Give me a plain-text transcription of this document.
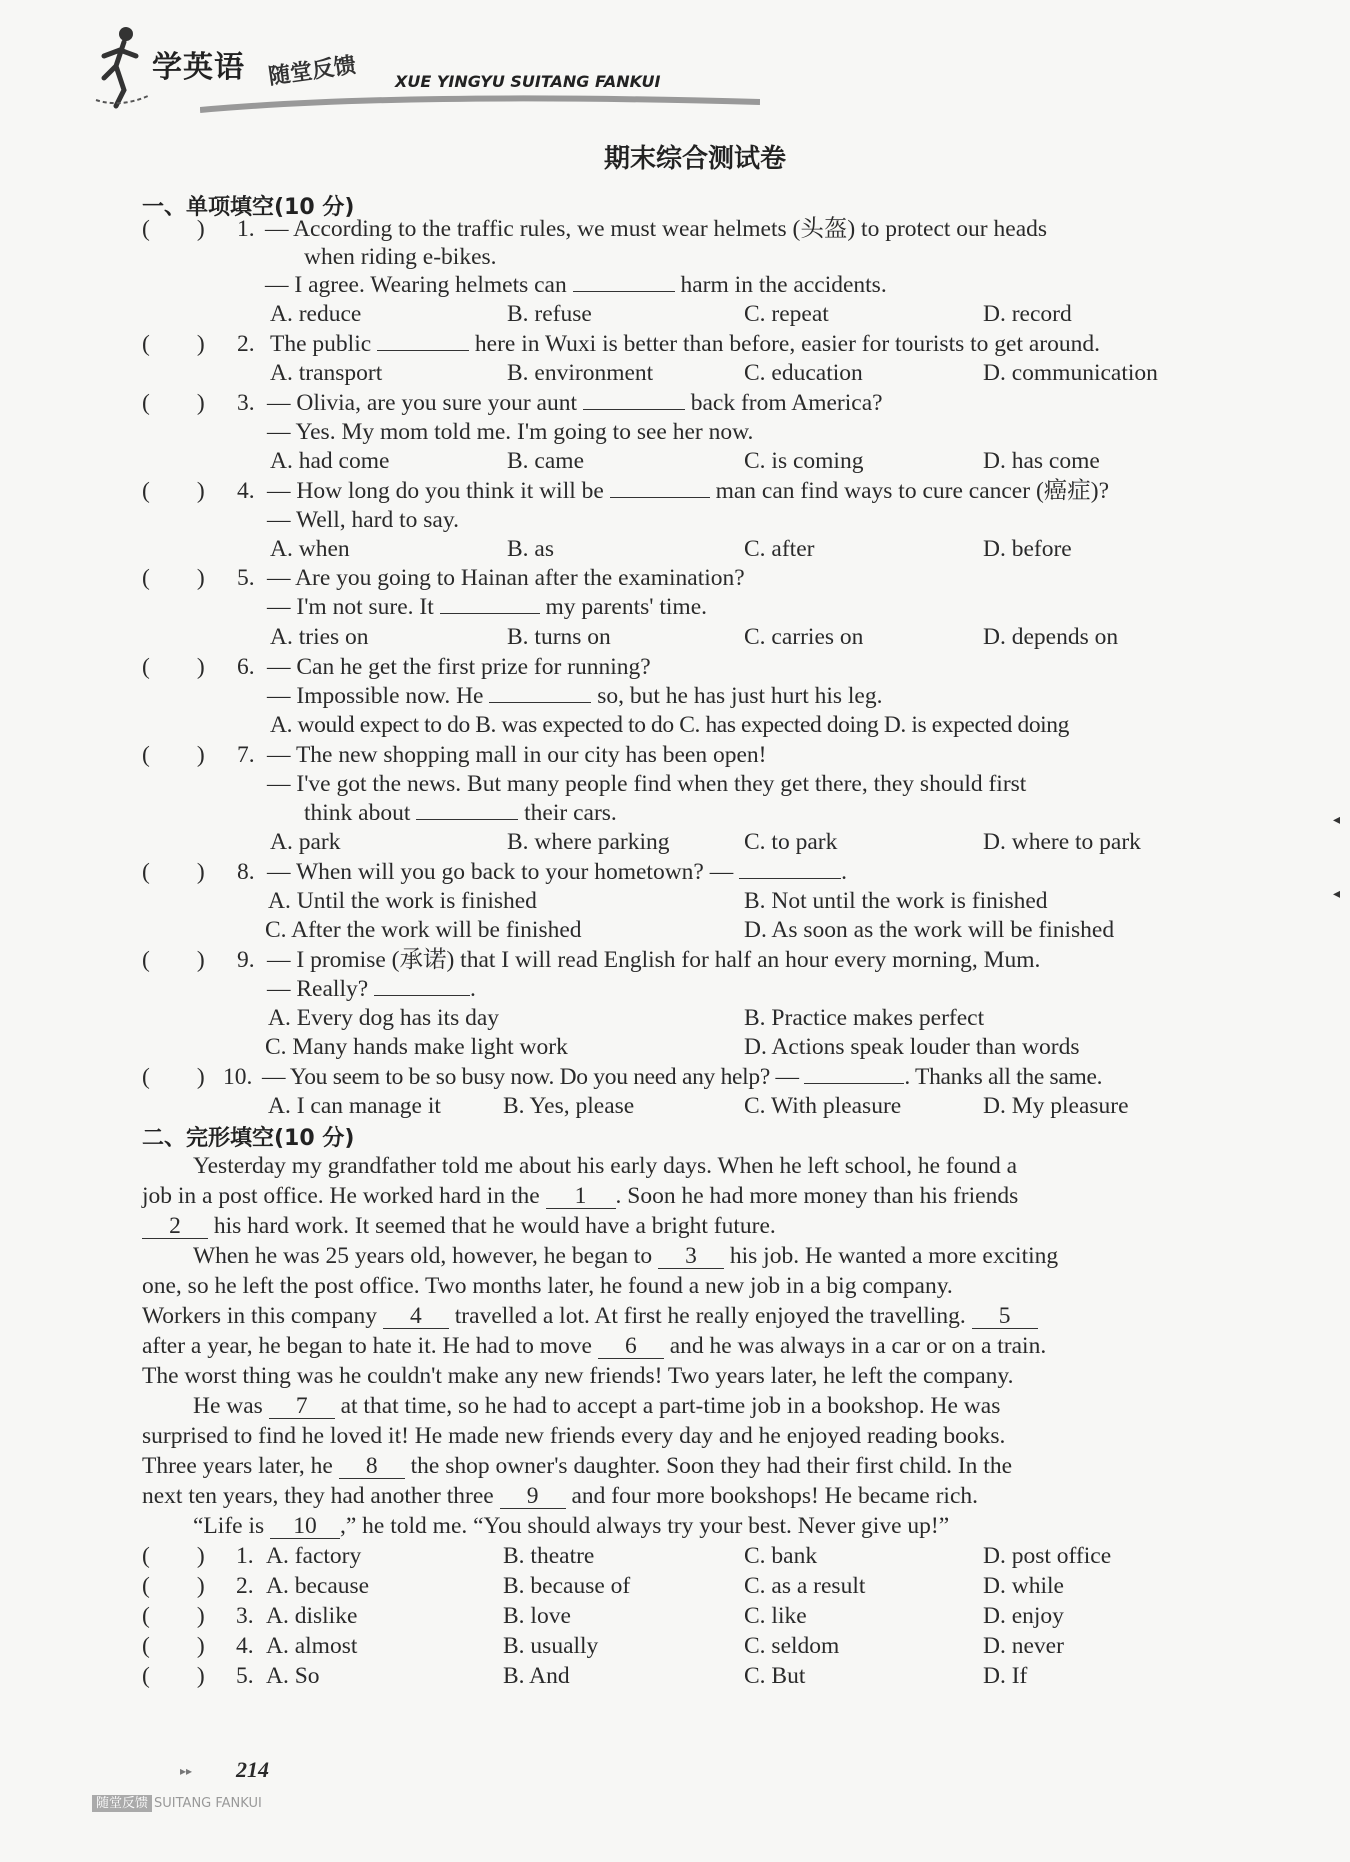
学英语 随堂反馈 XUE YINGYU SUITANG FANKUI
期末综合测试卷
一、单项填空(10 分)
(　　) 1. — According to the traffic rules, we must wear helmets (头盔) to protect our heads
when riding e-bikes.
— I agree. Wearing helmets can	harm in the accidents.
A. reduce	B. refuse	C. repeat	D. record
(　　) 2. The public	here in Wuxi is better than before, easier for tourists to get around.
A. transport	B. environment	C. education	D. communication
(　　) 3. — Olivia, are you sure your aunt	back from America?
— Yes. My mom told me. I'm going to see her now.
A. had come	B. came	C. is coming	D. has come
(　　) 4. — How long do you think it will be	man can find ways to cure cancer (癌症)?
— Well, hard to say.
A. when	B. as	C. after	D. before
(　　) 5. — Are you going to Hainan after the examination?
— I'm not sure. It	my parents' time.
A. tries on	B. turns on	C. carries on	D. depends on
(　　) 6. — Can he get the first prize for running?
— Impossible now. He	so, but he has just hurt his leg.
A. would expect to do B. was expected to do C. has expected doing D. is expected doing
(　　) 7. — The new shopping mall in our city has been open!
— I've got the news. But many people find when they get there, they should first
think about	their cars.
A. park	B. where parking	C. to park	D. where to park
(　　) 8. — When will you go back to your hometown? —	.
A. Until the work is finished	B. Not until the work is finished
C. After the work will be finished	D. As soon as the work will be finished
(　　) 9. — I promise (承诺) that I will read English for half an hour every morning, Mum.
— Really?	.
A. Every dog has its day	B. Practice makes perfect
C. Many hands make light work	D. Actions speak louder than words
(　　) 10. — You seem to be so busy now. Do you need any help? —	. Thanks all the same.
A. I can manage it	B. Yes, please	C. With pleasure	D. My pleasure
二、完形填空(10 分)
Yesterday my grandfather told me about his early days. When he left school, he found a
job in a post office. He worked hard in the 1 . Soon he had more money than his friends
2 his hard work. It seemed that he would have a bright future.
When he was 25 years old, however, he began to 3 his job. He wanted a more exciting
one, so he left the post office. Two months later, he found a new job in a big company.
Workers in this company 4 travelled a lot. At first he really enjoyed the travelling. 5
after a year, he began to hate it. He had to move 6 and he was always in a car or on a train.
The worst thing was he couldn't make any new friends! Two years later, he left the company.
He was 7 at that time, so he had to accept a part-time job in a bookshop. He was
surprised to find he loved it! He made new friends every day and he enjoyed reading books.
Three years later, he 8 the shop owner's daughter. Soon they had their first child. In the
next ten years, they had another three 9 and four more bookshops! He became rich.
“Life is 10 ,” he told me. “You should always try your best. Never give up!”
(　　) 1. A. factory	B. theatre	C. bank	D. post office
(　　) 2. A. because	B. because of	C. as a result	D. while
(　　) 3. A. dislike	B. love	C. like	D. enjoy
(　　) 4. A. almost	B. usually	C. seldom	D. never
(　　) 5. A. So	B. And	C. But	D. If
◂
◂
▸▸ 214
随堂反馈 SUITANG FANKUI
